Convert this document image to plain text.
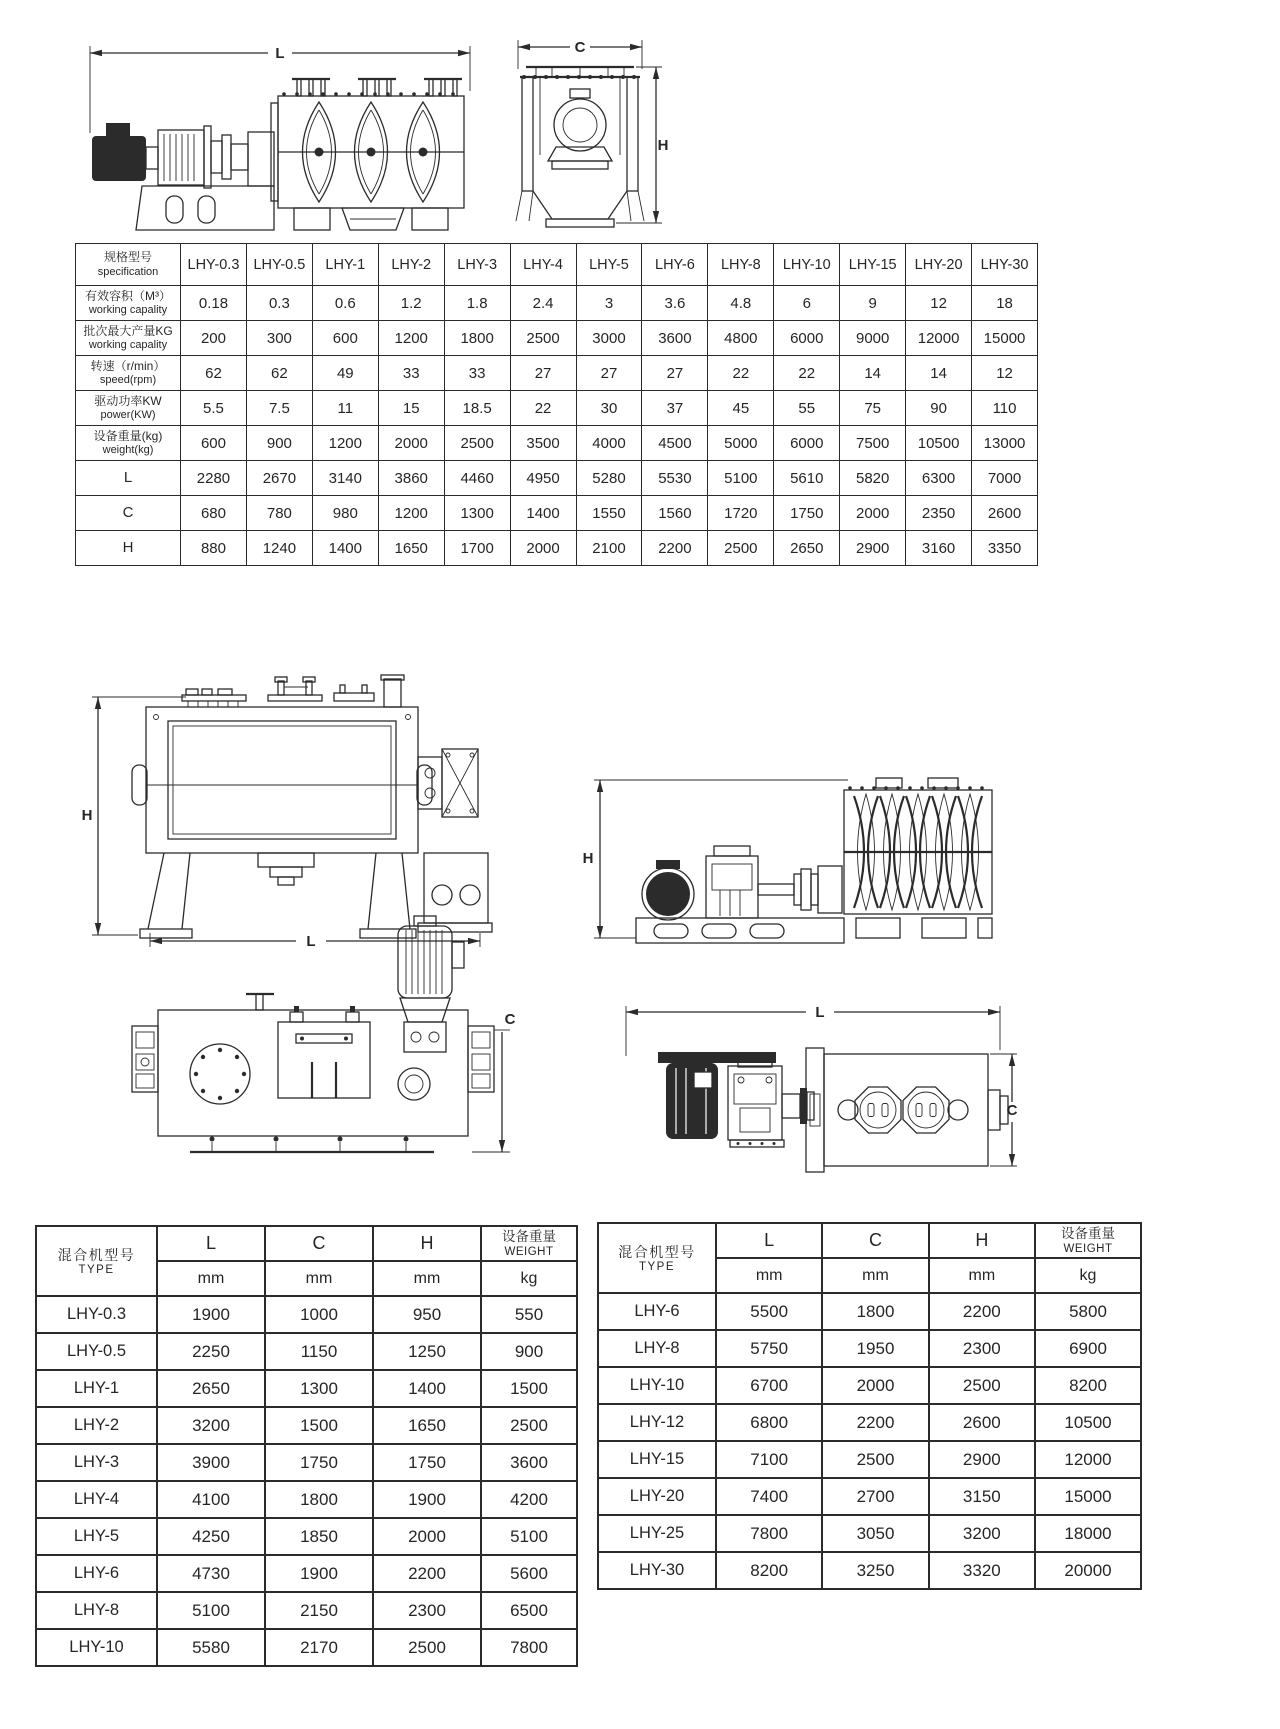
L	C
H
规格型号
specification	LHY-0.3	LHY-0.5	LHY-1	LHY-2	LHY-3	LHY-4	LHY-5	LHY-6	LHY-8	LHY-10	LHY-15	LHY-20	LHY-30

有效容积（M³）
working capality	0.18	0.3	0.6	1.2	1.8	2.4	3	3.6	4.8	6	9	12	18

批次最大产量KG
working capality	200	300	600	1200	1800	2500	3000	3600	4800	6000	9000	12000	15000

转速（r/min）
speed(rpm)	62	62	49	33	33	27	27	27	22	22	14	14	12

驱动功率KW
power(KW)	5.5	7.5	11	15	18.5	22	30	37	45	55	75	90	110

设备重量(kg)
weight(kg)	600	900	1200	2000	2500	3500	4000	4500	5000	6000	7500	10500	13000

L	2280	2670	3140	3860	4460	4950	5280	5530	5100	5610	5820	6300	7000

C	680	780	980	1200	1300	1400	1550	1560	1720	1750	2000	2350	2600

H	880	1240	1400	1650	1700	2000	2100	2200	2500	2650	2900	3160	3350
H
L
H
C	L
C
混合机型号
TYPE
	L	C	H	设备重量
WEIGHT

	mm	mm	mm	kg
LHY-0.3	1900	1000	950	550
LHY-0.5	2250	1150	1250	900
LHY-1	2650	1300	1400	1500
LHY-2	3200	1500	1650	2500
LHY-3	3900	1750	1750	3600
LHY-4	4100	1800	1900	4200
LHY-5	4250	1850	2000	5100
LHY-6	4730	1900	2200	5600
LHY-8	5100	2150	2300	6500
LHY-10	5580	2170	2500	7800
混合机型号
TYPE
	L	C	H	设备重量
WEIGHT

	mm	mm	mm	kg
LHY-6	5500	1800	2200	5800
LHY-8	5750	1950	2300	6900
LHY-10	6700	2000	2500	8200
LHY-12	6800	2200	2600	10500
LHY-15	7100	2500	2900	12000
LHY-20	7400	2700	3150	15000
LHY-25	7800	3050	3200	18000
LHY-30	8200	3250	3320	20000
